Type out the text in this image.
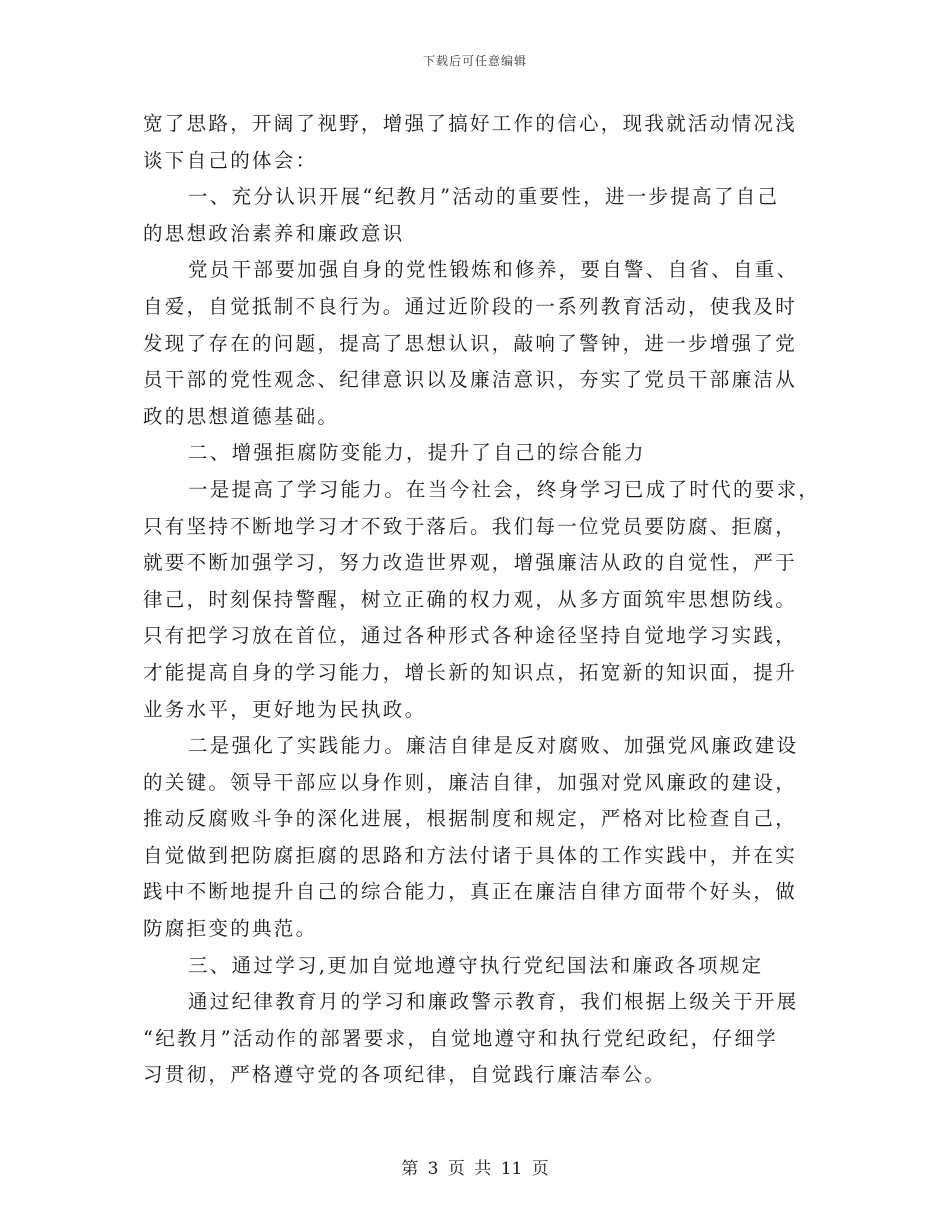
下载后可任意编辑
宽了思路，开阔了视野，增强了搞好工作的信心，现我就活动情况浅
谈下自己的体会：
一、充分认识开展“纪教月”活动的重要性，进一步提高了自己
的思想政治素养和廉政意识
党员干部要加强自身的党性锻炼和修养，要自警、自省、自重、
自爱，自觉抵制不良行为。通过近阶段的一系列教育活动，使我及时
发现了存在的问题，提高了思想认识，敲响了警钟，进一步增强了党
员干部的党性观念、纪律意识以及廉洁意识，夯实了党员干部廉洁从
政的思想道德基础。
二、增强拒腐防变能力，提升了自己的综合能力
一是提高了学习能力。在当今社会，终身学习已成了时代的要求，
只有坚持不断地学习才不致于落后。我们每一位党员要防腐、拒腐，
就要不断加强学习，努力改造世界观，增强廉洁从政的自觉性，严于
律己，时刻保持警醒，树立正确的权力观，从多方面筑牢思想防线。
只有把学习放在首位，通过各种形式各种途径坚持自觉地学习实践，
才能提高自身的学习能力，增长新的知识点，拓宽新的知识面，提升
业务水平，更好地为民执政。
二是强化了实践能力。廉洁自律是反对腐败、加强党风廉政建设
的关键。领导干部应以身作则，廉洁自律，加强对党风廉政的建设，
推动反腐败斗争的深化进展，根据制度和规定，严格对比检查自己，
自觉做到把防腐拒腐的思路和方法付诸于具体的工作实践中，并在实
践中不断地提升自己的综合能力，真正在廉洁自律方面带个好头，做
防腐拒变的典范。
三、通过学习,更加自觉地遵守执行党纪国法和廉政各项规定
通过纪律教育月的学习和廉政警示教育，我们根据上级关于开展
“纪教月”活动作的部署要求，自觉地遵守和执行党纪政纪，仔细学
习贯彻，严格遵守党的各项纪律，自觉践行廉洁奉公。
第 3 页 共 11 页
